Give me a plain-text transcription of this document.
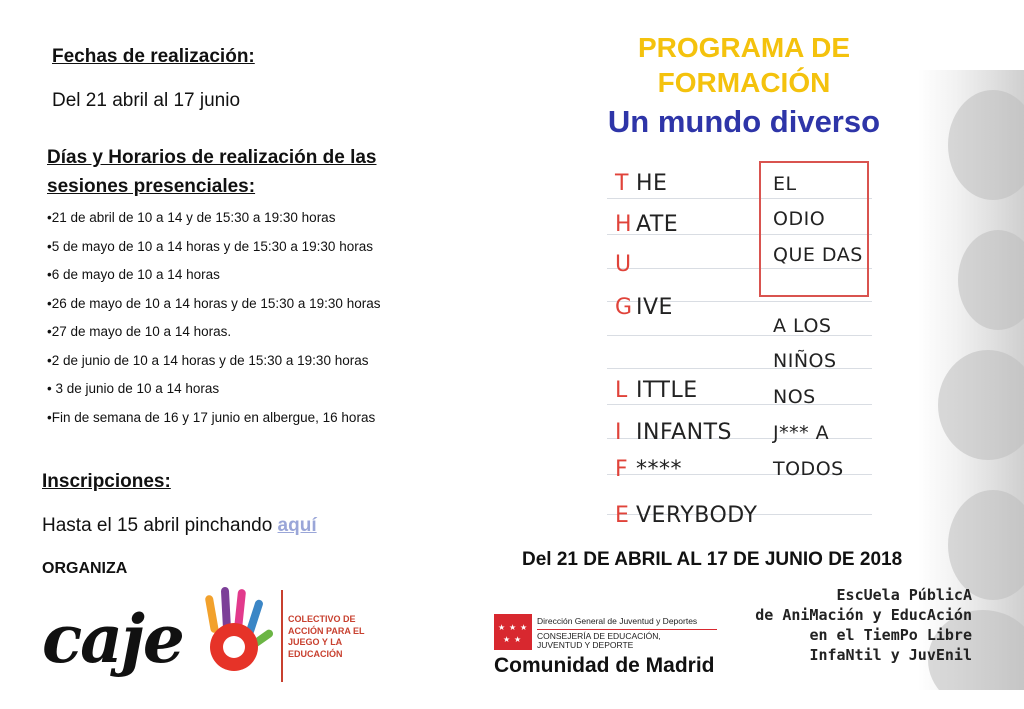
Fechas de realización:
Del 21 abril al 17 junio
Días y Horarios de realización de las
sesiones presenciales:
•21 de abril de 10 a 14 y de 15:30 a 19:30 horas
•5 de mayo de 10 a 14 horas y de 15:30 a 19:30 horas
•6 de mayo de 10 a 14 horas
•26 de mayo de 10 a 14 horas y de 15:30 a 19:30 horas
•27 de mayo de 10 a 14 horas.
•2 de junio de 10 a 14 horas y de 15:30 a 19:30 horas
• 3 de junio de 10 a 14 horas
•Fin de semana de 16 y 17 junio en albergue, 16 horas
Inscripciones:
Hasta el 15 abril pinchando aquí
ORGANIZA
caje	COLECTIVO DE
ACCIÓN PARA EL
JUEGO Y LA
EDUCACIÓN
PROGRAMA DE
FORMACIÓN
Un mundo diverso
T HE
H ATE
U
G IVE
L ITTLE
I INFANTS
F ****
E VERYBODY
EL
ODIO
QUE DAS
A LOS
NIÑOS
NOS
J*** A
TODOS
Del 21 DE ABRIL AL 17 DE JUNIO DE 2018
★ ★ ★
★ ★
Dirección General de Juventud y Deportes
CONSEJERÍA DE EDUCACIÓN,
JUVENTUD Y DEPORTE
Comunidad de Madrid
EscUela PúblicA
de AniMación y EducAción
en el TiemPo Libre
InfaNtil y JuvEnil
